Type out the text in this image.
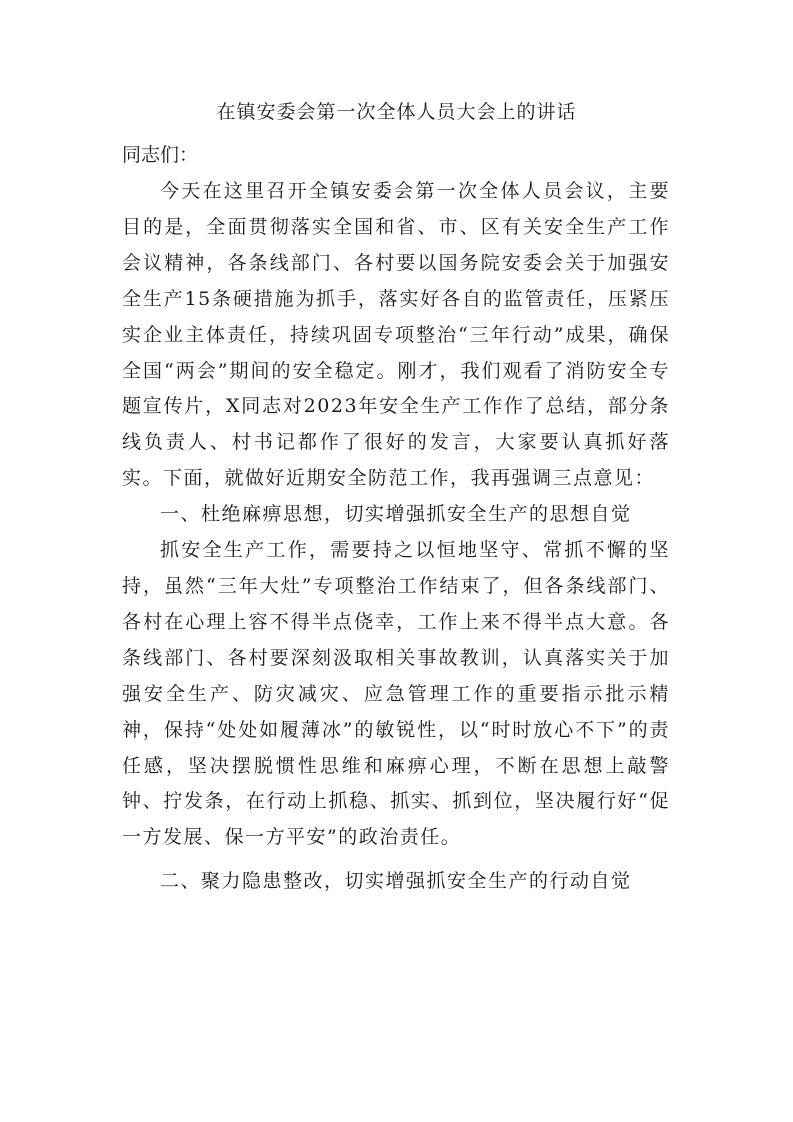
在镇安委会第一次全体人员大会上的讲话

同志们：

今天在这里召开全镇安委会第一次全体人员会议，主要目的是，全面贯彻落实全国和省、市、区有关安全生产工作会议精神，各条线部门、各村要以国务院安委会关于加强安全生产15条硬措施为抓手，落实好各自的监管责任，压紧压实企业主体责任，持续巩固专项整治“三年行动”成果，确保全国“两会”期间的安全稳定。刚才，我们观看了消防安全专题宣传片，X同志对2023年安全生产工作作了总结，部分条线负责人、村书记都作了很好的发言，大家要认真抓好落实。下面，就做好近期安全防范工作，我再强调三点意见：

一、杜绝麻痹思想，切实增强抓安全生产的思想自觉

抓安全生产工作，需要持之以恒地坚守、常抓不懈的坚持，虽然“三年大灶”专项整治工作结束了，但各条线部门、各村在心理上容不得半点侥幸，工作上来不得半点大意。各条线部门、各村要深刻汲取相关事故教训，认真落实关于加强安全生产、防灾减灾、应急管理工作的重要指示批示精神，保持“处处如履薄冰”的敏锐性，以“时时放心不下”的责任感，坚决摆脱惯性思维和麻痹心理，不断在思想上敲警钟、拧发条，在行动上抓稳、抓实、抓到位，坚决履行好“促一方发展、保一方平安”的政治责任。

二、聚力隐患整改，切实增强抓安全生产的行动自觉
